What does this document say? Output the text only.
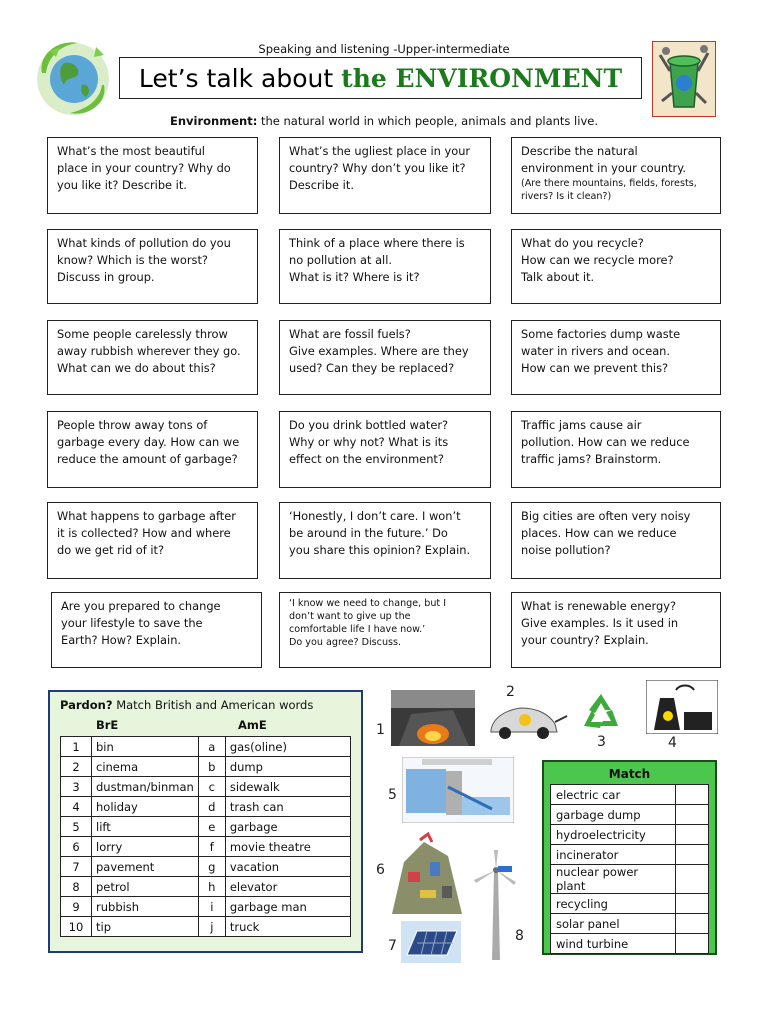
Speaking and listening -Upper-intermediate
Let’s talk about the ENVIRONMENT
Environment: the natural world in which people, animals and plants live.
What’s the most beautiful
place in your country? Why do
you like it? Describe it.
What’s the ugliest place in your
country? Why don’t you like it?
Describe it.
Describe the natural
environment in your country.
(Are there mountains, fields, forests,
rivers? Is it clean?)
What kinds of pollution do you
know? Which is the worst?
Discuss in group.
Think of a place where there is
no pollution at all.
What is it? Where is it?
What do you recycle?
How can we recycle more?
Talk about it.
Some people carelessly throw
away rubbish wherever they go.
What can we do about this?
What are fossil fuels?
Give examples. Where are they
used? Can they be replaced?
Some factories dump waste
water in rivers and ocean.
How can we prevent this?
People throw away tons of
garbage every day. How can we
reduce the amount of garbage?
Do you drink bottled water?
Why or why not? What is its
effect on the environment?
Traffic jams cause air
pollution. How can we reduce
traffic jams? Brainstorm.
What happens to garbage after
it is collected? How and where
do we get rid of it?
‘Honestly, I don’t care. I won’t
be around in the future.’ Do
you share this opinion? Explain.
Big cities are often very noisy
places. How can we reduce
noise pollution?
Are you prepared to change
your lifestyle to save the
Earth? How? Explain.
‘I know we need to change, but I
don’t want to give up the
comfortable life I have now.’
Do you agree? Discuss.
What is renewable energy?
Give examples. Is it used in
your country? Explain.
Pardon? Match British and American words
BrE	AmE
1	bin	a	gas(oline)
2	cinema	b	dump
3	dustman/binman	c	sidewalk
4	holiday	d	trash can
5	lift	e	garbage
6	lorry	f	movie theatre
7	pavement	g	vacation
8	petrol	h	elevator
9	rubbish	i	garbage man
10	tip	j	truck
1
2
3	4
5
6
7
8
Match
electric car	
garbage dump	
hydroelectricity	
incinerator	
nuclear power plant	
recycling	
solar panel	
wind turbine	
